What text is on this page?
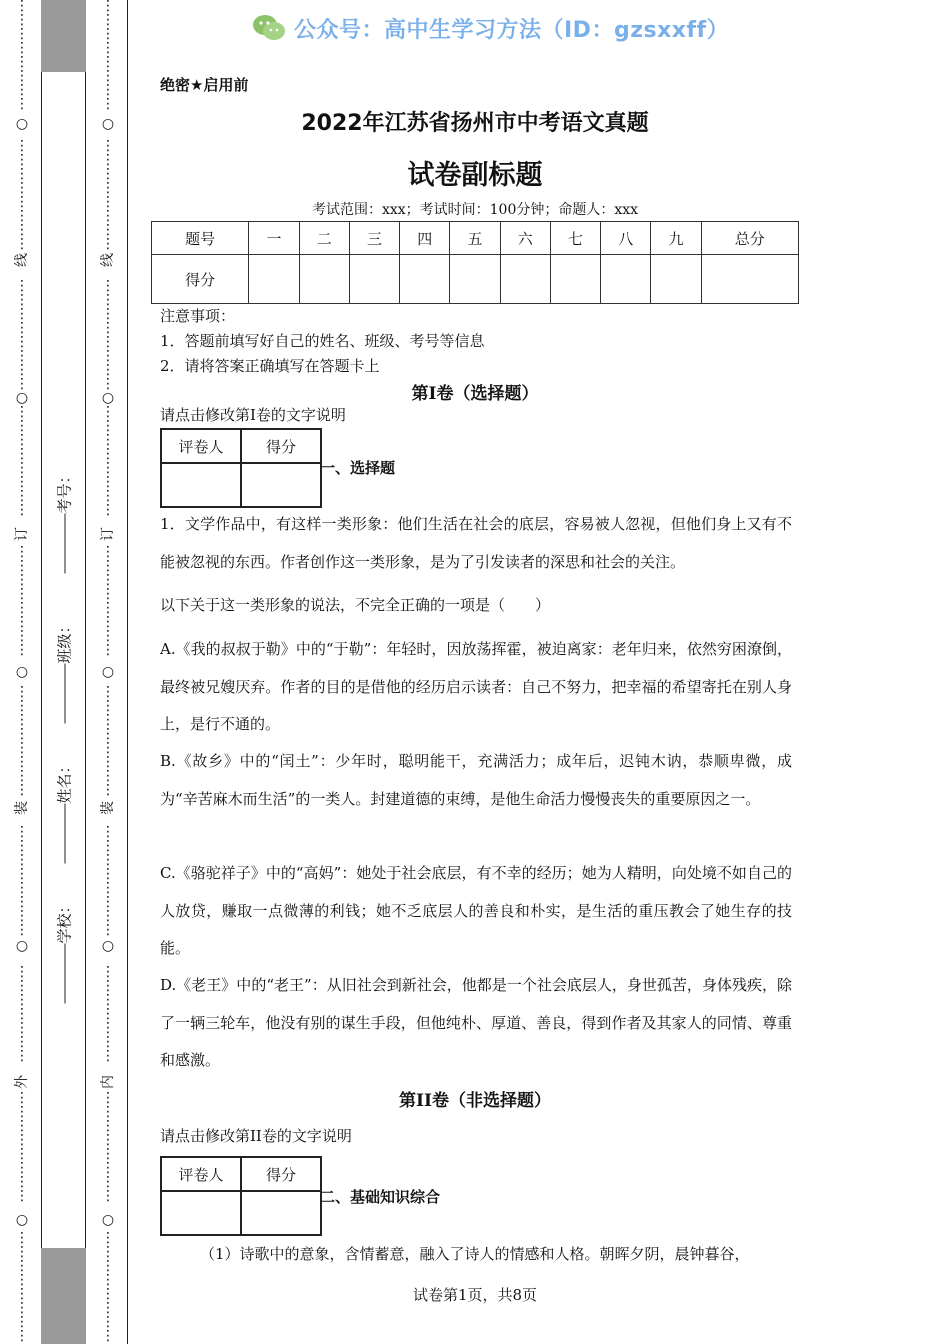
⋮
⋮
⋮
⋮
⋮
⋮
⋮
⋮
⋮
⋮
⋮
⋮
⋮
⋮
⋮
⋮
⋮
⋮
⋮
⋮
⋮
⋮
⋮
⋮
⋮
⋮
⋮
⋮
⋮
⋮
⋮
⋮
⋮
⋮
⋮
⋮
⋮
⋮
⋮
⋮
⋮
⋮
⋮
⋮
⋮
⋮
⋮
⋮
⋮
⋮
⋮
⋮
⋮
⋮
⋮
⋮
⋮
⋮
⋮
⋮
⋮
⋮
⋮
⋮
⋮
⋮
⋮
⋮
⋮
⋮
⋮
⋮
⋮
⋮
⋮
⋮
⋮
⋮
⋮
○
○
○
○
○
线
订
装
外
⋮
⋮
⋮
⋮
⋮
⋮
⋮
⋮
⋮
⋮
⋮
⋮
⋮
⋮
⋮
⋮
⋮
⋮
⋮
⋮
⋮
⋮
⋮
⋮
⋮
⋮
⋮
⋮
⋮
⋮
⋮
⋮
⋮
⋮
⋮
⋮
⋮
⋮
⋮
⋮
⋮
⋮
⋮
⋮
⋮
⋮
⋮
⋮
⋮
⋮
⋮
⋮
⋮
⋮
⋮
⋮
⋮
⋮
⋮
⋮
⋮
⋮
⋮
⋮
⋮
⋮
⋮
⋮
⋮
⋮
⋮
⋮
⋮
⋮
⋮
⋮
⋮
⋮
⋮
○
○
○
○
○
线
订
装
内
考号：
班级：
姓名：
学校：
公众号：高中生学习方法（ID：gzsxxff）
绝密★启用前
2022年江苏省扬州市中考语文真题
试卷副标题
考试范围：xxx；考试时间：100分钟；命题人：xxx
题号	一	二	三	四	五	六	七	八	九	总分
得分										
注意事项：
1．答题前填写好自己的姓名、班级、考号等信息
2．请将答案正确填写在答题卡上
第I卷（选择题）
请点击修改第I卷的文字说明
评卷人	得分

一、选择题
1．文学作品中，有这样一类形象：他们生活在社会的底层，容易被人忽视，但他们身上又有不能被忽视的东西。作者创作这一类形象，是为了引发读者的深思和社会的关注。
以下关于这一类形象的说法，不完全正确的一项是（　　）
A.《我的叔叔于勒》中的“于勒”：年轻时，因放荡挥霍，被迫离家：老年归来，依然穷困潦倒，最终被兄嫂厌弃。作者的目的是借他的经历启示读者：自己不努力，把幸福的希望寄托在别人身上，是行不通的。
B.《故乡》中的“闰土”：少年时，聪明能干，充满活力；成年后，迟钝木讷，恭顺卑微，成为“辛苦麻木而生活”的一类人。封建道德的束缚，是他生命活力慢慢丧失的重要原因之一。
C.《骆驼祥子》中的“高妈”：她处于社会底层，有不幸的经历；她为人精明，向处境不如自己的人放贷，赚取一点微薄的利钱；她不乏底层人的善良和朴实，是生活的重压教会了她生存的技能。
D.《老王》中的“老王”：从旧社会到新社会，他都是一个社会底层人，身世孤苦，身体残疾，除了一辆三轮车，他没有别的谋生手段，但他纯朴、厚道、善良，得到作者及其家人的同情、尊重和感激。
第II卷（非选择题）
请点击修改第II卷的文字说明
评卷人	得分

二、基础知识综合
（1）诗歌中的意象，含情蓄意，融入了诗人的情感和人格。朝晖夕阴，晨钟暮谷，
试卷第1页，共8页
